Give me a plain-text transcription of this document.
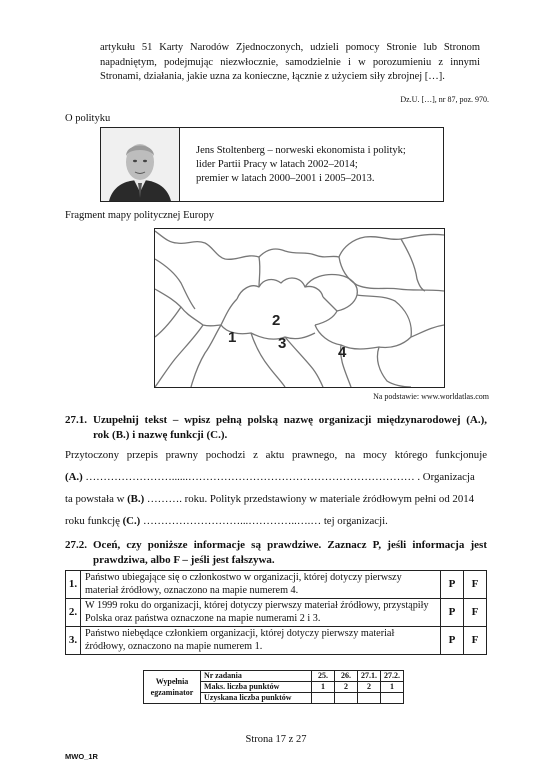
artykułu 51 Karty Narodów Zjednoczonych, udzieli pomocy Stronie lub Stronom
napadniętym, podejmując niezwłocznie, samodzielnie i w porozumieniu z innymi
Stronami, działania, jakie uzna za konieczne, łącznie z użyciem siły zbrojnej […].
Dz.U. […], nr 87, poz. 970.
O polityku
Jens Stoltenberg – norweski ekonomista i polityk;
lider Partii Pracy w latach 2002–2014;
premier w latach 2000–2001 i 2005–2013.
Fragment mapy politycznej Europy
1
2
3
4
Na podstawie: www.worldatlas.com
27.1. Uzupełnij tekst – wpisz pełną polską nazwę organizacji międzynarodowej (A.),
rok (B.) i nazwę funkcji (C.).
Przytoczony przepis prawny pochodzi z aktu prawnego, na mocy którego funkcjonuje
(A.) ……………………......……………………………………………………… . Organizacja
ta powstała w (B.) ………. roku. Polityk przedstawiony w materiale źródłowym pełni od 2014
roku funkcję (C.) ………………………...…………..….… tej organizacji.
27.2. Oceń, czy poniższe informacje są prawdziwe. Zaznacz P, jeśli informacja jest
prawdziwa, albo F – jeśli jest fałszywa.
1.	Państwo ubiegające się o członkostwo w organizacji, której dotyczy pierwszy materiał źródłowy, oznaczono na mapie numerem 4.	P	F
2.	W 1999 roku do organizacji, której dotyczy pierwszy materiał źródłowy, przystąpiły Polska oraz państwa oznaczone na mapie numerami 2 i 3.	P	F
3.	Państwo niebędące członkiem organizacji, której dotyczy pierwszy materiał źródłowy, oznaczono na mapie numerem 1.	P	F
Wypełnia egzaminator	Nr zadania	25.	26.	27.1.	27.2.
	Maks. liczba punktów	1	2	2	1
	Uzyskana liczba punktów				
Strona 17 z 27
MWO_1R
